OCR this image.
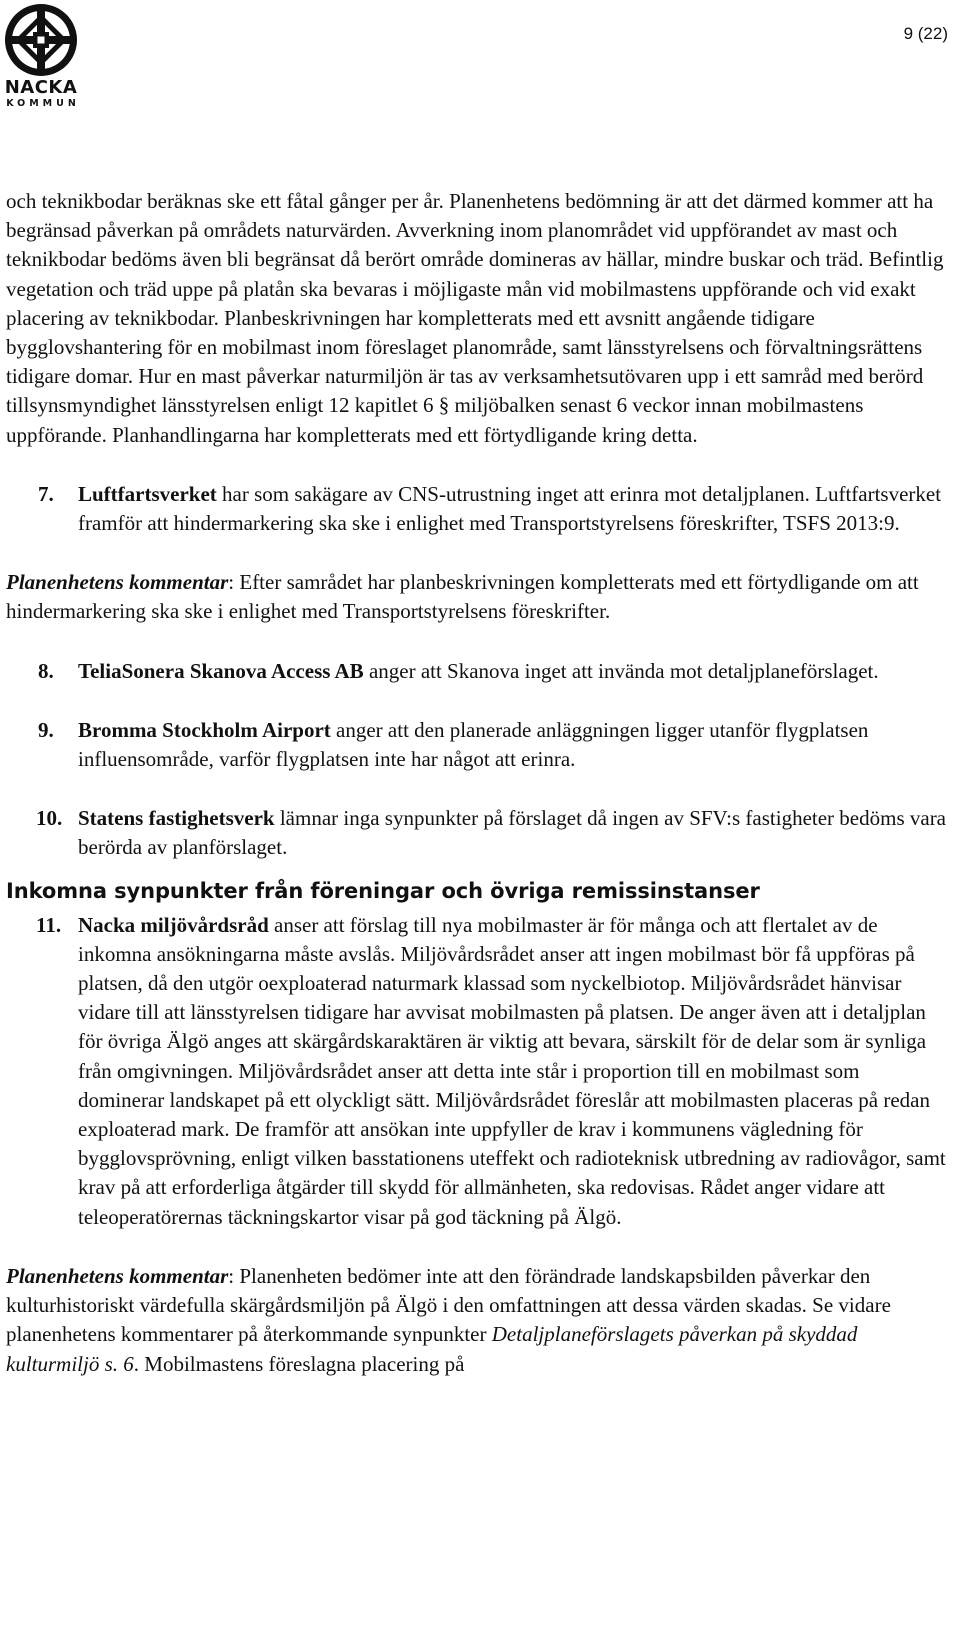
NACKA
KOMMUN
9 (22)

och teknikbodar beräknas ske ett fåtal gånger per år. Planenhetens bedömning är att det därmed kommer att ha begränsad påverkan på områdets naturvärden. Avverkning inom planområdet vid uppförandet av mast och teknikbodar bedöms även bli begränsat då berört område domineras av hällar, mindre buskar och träd. Befintlig vegetation och träd uppe på platån ska bevaras i möjligaste mån vid mobilmastens uppförande och vid exakt placering av teknikbodar. Planbeskrivningen har kompletterats med ett avsnitt angående tidigare bygglovshantering för en mobilmast inom föreslaget planområde, samt länsstyrelsens och förvaltningsrättens tidigare domar. Hur en mast påverkar naturmiljön är tas av verksamhetsutövaren upp i ett samråd med berörd tillsynsmyndighet länsstyrelsen enligt 12 kapitlet 6 § miljöbalken senast 6 veckor innan mobilmastens uppförande. Planhandlingarna har kompletterats med ett förtydligande kring detta.

7.	Luftfartsverket har som sakägare av CNS-utrustning inget att erinra mot detaljplanen. Luftfartsverket framför att hindermarkering ska ske i enlighet med Transportstyrelsens föreskrifter, TSFS 2013:9.

Planenhetens kommentar: Efter samrådet har planbeskrivningen kompletterats med ett förtydligande om att hindermarkering ska ske i enlighet med Transportstyrelsens föreskrifter.

8.	TeliaSonera Skanova Access AB anger att Skanova inget att invända mot detaljplaneförslaget.
9.	Bromma Stockholm Airport anger att den planerade anläggningen ligger utanför flygplatsen influensområde, varför flygplatsen inte har något att erinra.
10. Statens fastighetsverk lämnar inga synpunkter på förslaget då ingen av SFV:s fastigheter bedöms vara berörda av planförslaget.
Inkomna synpunkter från föreningar och övriga remissinstanser
11. Nacka miljövårdsråd anser att förslag till nya mobilmaster är för många och att flertalet av de inkomna ansökningarna måste avslås. Miljövårdsrådet anser att ingen mobilmast bör få uppföras på platsen, då den utgör oexploaterad naturmark klassad som nyckelbiotop. Miljövårdsrådet hänvisar vidare till att länsstyrelsen tidigare har avvisat mobilmasten på platsen. De anger även att i detaljplan för övriga Älgö anges att skärgårdskaraktären är viktig att bevara, särskilt för de delar som är synliga från omgivningen. Miljövårdsrådet anser att detta inte står i proportion till en mobilmast som dominerar landskapet på ett olyckligt sätt. Miljövårdsrådet föreslår att mobilmasten placeras på redan exploaterad mark. De framför att ansökan inte uppfyller de krav i kommunens vägledning för bygglovsprövning, enligt vilken basstationens uteffekt och radioteknisk utbredning av radiovågor, samt krav på att erforderliga åtgärder till skydd för allmänheten, ska redovisas. Rådet anger vidare att teleoperatörernas täckningskartor visar på god täckning på Älgö.

Planenhetens kommentar: Planenheten bedömer inte att den förändrade landskapsbilden påverkar den kulturhistoriskt värdefulla skärgårdsmiljön på Älgö i den omfattningen att dessa värden skadas. Se vidare planenhetens kommentarer på återkommande synpunkter Detaljplaneförslagets påverkan på skyddad kulturmiljö s. 6. Mobilmastens föreslagna placering på
